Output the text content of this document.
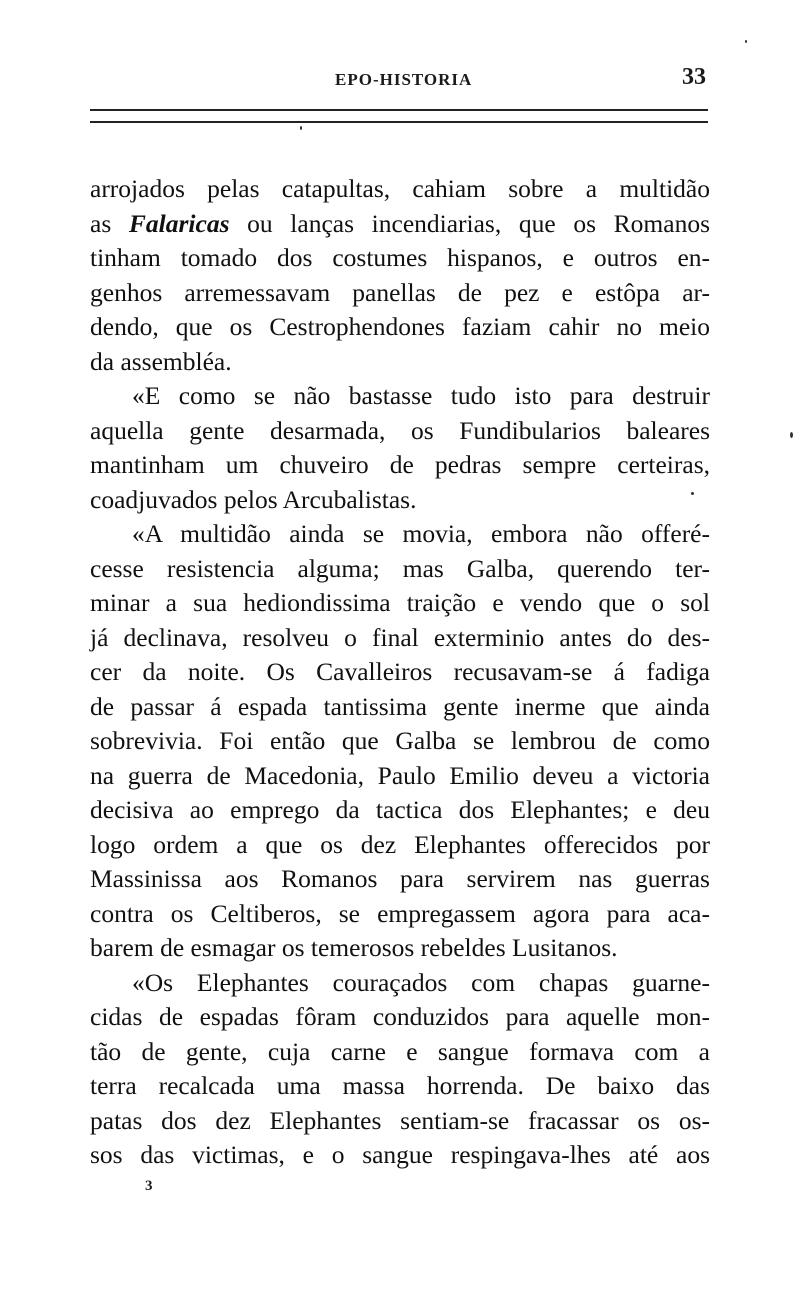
EPO-HISTORIA	33
arrojados pelas catapultas, cahiam sobre a multidão
as Falaricas ou lanças incendiarias, que os Romanos
tinham tomado dos costumes hispanos, e outros en-
genhos arremessavam panellas de pez e estôpa ar-
dendo, que os Cestrophendones faziam cahir no meio
da assembléa.
«E como se não bastasse tudo isto para destruir
aquella gente desarmada, os Fundibularios baleares
mantinham um chuveiro de pedras sempre certeiras,
coadjuvados pelos Arcubalistas.
«A multidão ainda se movia, embora não offeré-
cesse resistencia alguma; mas Galba, querendo ter-
minar a sua hediondissima traição e vendo que o sol
já declinava, resolveu o final exterminio antes do des-
cer da noite. Os Cavalleiros recusavam-se á fadiga
de passar á espada tantissima gente inerme que ainda
sobrevivia. Foi então que Galba se lembrou de como
na guerra de Macedonia, Paulo Emilio deveu a victoria
decisiva ao emprego da tactica dos Elephantes; e deu
logo ordem a que os dez Elephantes offerecidos por
Massinissa aos Romanos para servirem nas guerras
contra os Celtiberos, se empregassem agora para aca-
barem de esmagar os temerosos rebeldes Lusitanos.
«Os Elephantes couraçados com chapas guarne-
cidas de espadas fôram conduzidos para aquelle mon-
tão de gente, cuja carne e sangue formava com a
terra recalcada uma massa horrenda. De baixo das
patas dos dez Elephantes sentiam-se fracassar os os-
sos das victimas, e o sangue respingava-lhes até aos
3
